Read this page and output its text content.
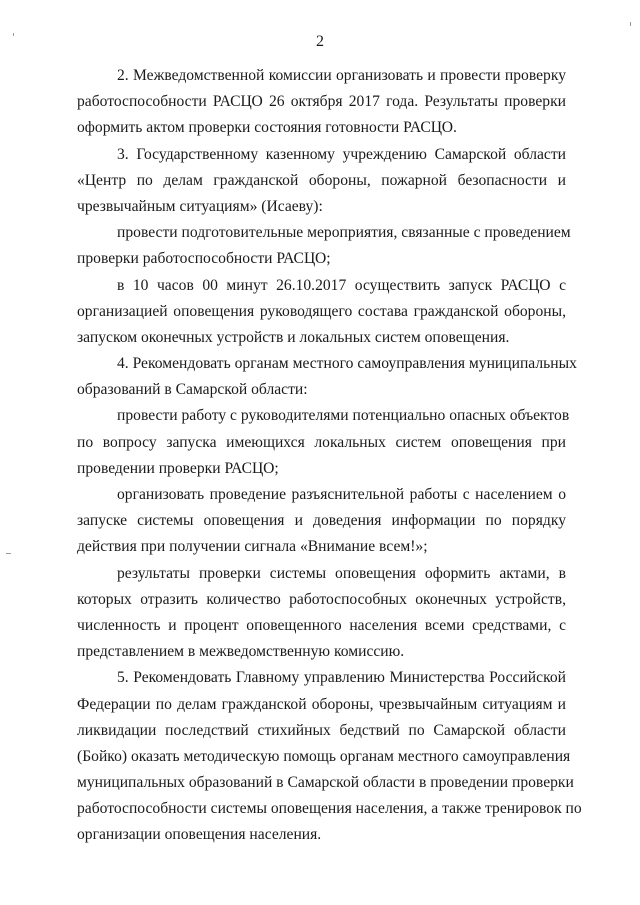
2
2. Межведомственной комиссии организовать и провести проверку
работоспособности РАСЦО 26 октября 2017 года. Результаты проверки
оформить актом проверки состояния готовности РАСЦО.
3. Государственному казенному учреждению Самарской области
«Центр по делам гражданской обороны, пожарной безопасности и
чрезвычайным ситуациям» (Исаеву):
провести подготовительные мероприятия, связанные с проведением
проверки работоспособности РАСЦО;
в 10 часов 00 минут 26.10.2017 осуществить запуск РАСЦО с
организацией оповещения руководящего состава гражданской обороны,
запуском оконечных устройств и локальных систем оповещения.
4. Рекомендовать органам местного самоуправления муниципальных
образований в Самарской области:
провести работу с руководителями потенциально опасных объектов
по вопросу запуска имеющихся локальных систем оповещения при
проведении проверки РАСЦО;
организовать проведение разъяснительной работы с населением о
запуске системы оповещения и доведения информации по порядку
действия при получении сигнала «Внимание всем!»;
результаты проверки системы оповещения оформить актами, в
которых отразить количество работоспособных оконечных устройств,
численность и процент оповещенного населения всеми средствами, с
представлением в межведомственную комиссию.
5. Рекомендовать Главному управлению Министерства Российской
Федерации по делам гражданской обороны, чрезвычайным ситуациям и
ликвидации последствий стихийных бедствий по Самарской области
(Бойко) оказать методическую помощь органам местного самоуправления
муниципальных образований в Самарской области в проведении проверки
работоспособности системы оповещения населения, а также тренировок по
организации оповещения населения.
